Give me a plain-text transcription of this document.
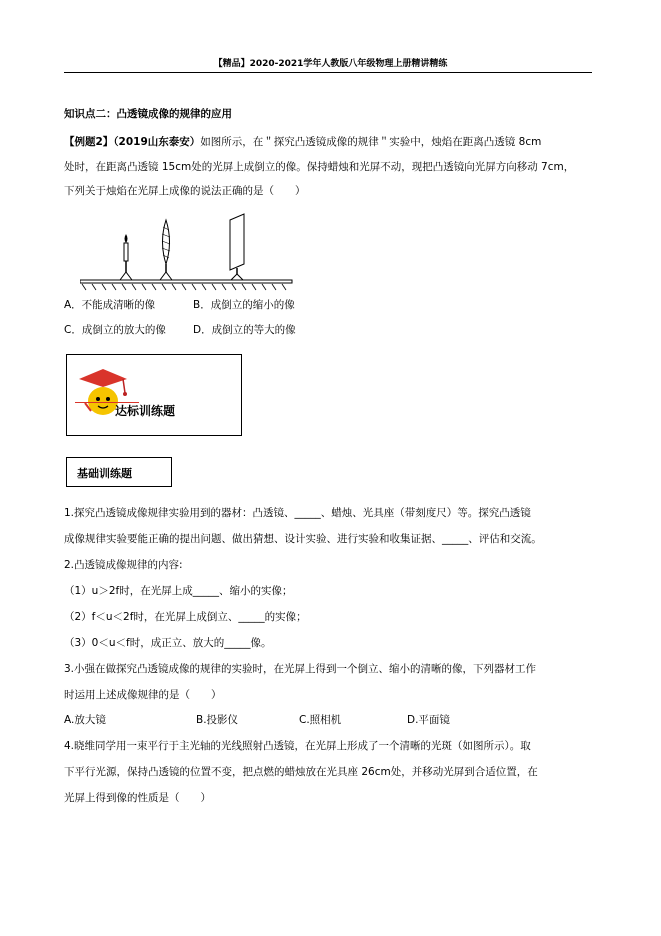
【精品】2020-2021学年人教版八年级物理上册精讲精练
知识点二：凸透镜成像的规律的应用
【例题2】（2019山东泰安）如图所示，在＂探究凸透镜成像的规律＂实验中，烛焰在距离凸透镜 8cm
处时，在距离凸透镜 15cm处的光屏上成倒立的像。保持蜡烛和光屏不动，现把凸透镜向光屏方向移动 7cm，
下列关于烛焰在光屏上成像的说法正确的是（　　）
A．不能成清晰的像	B．成倒立的缩小的像
C．成倒立的放大的像	D．成倒立的等大的像
达标训练题
基础训练题
1.探究凸透镜成像规律实验用到的器材：凸透镜、_____、蜡烛、光具座（带刻度尺）等。探究凸透镜
成像规律实验要能正确的提出问题、做出猜想、设计实验、进行实验和收集证据、_____、评估和交流。
2.凸透镜成像规律的内容:
（1）u＞2f时，在光屏上成_____、缩小的实像；
（2）f＜u＜2f时，在光屏上成倒立、_____的实像；
（3）0＜u＜f时，成正立、放大的_____像。
3.小强在做探究凸透镜成像的规律的实验时，在光屏上得到一个倒立、缩小的清晰的像，下列器材工作
时运用上述成像规律的是（　　）
A.放大镜	B.投影仪	C.照相机	D.平面镜
4.晓维同学用一束平行于主光轴的光线照射凸透镜，在光屏上形成了一个清晰的光斑（如图所示）。取
下平行光源，保持凸透镜的位置不变，把点燃的蜡烛放在光具座 26cm处，并移动光屏到合适位置，在
光屏上得到像的性质是（　　）
